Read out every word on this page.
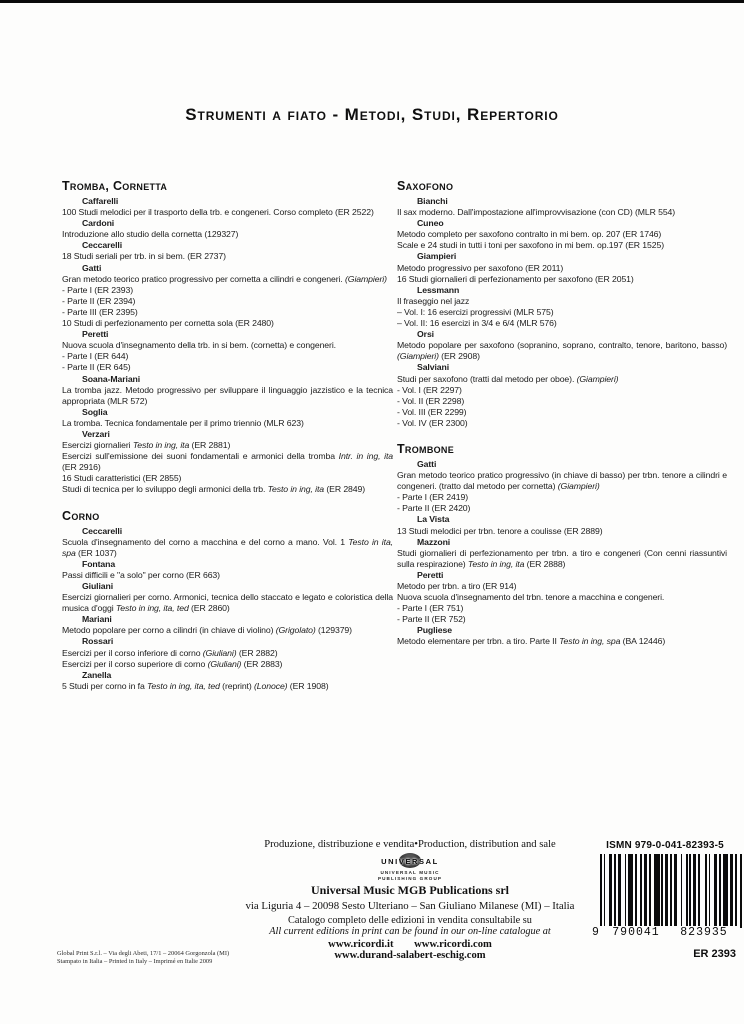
Strumenti a fiato - Metodi, Studi, Repertorio
Tromba, Cornetta

Caffarelli

100 Studi melodici per il trasporto della trb. e congeneri. Corso completo (ER 2522)

Cardoni

Introduzione allo studio della cornetta (129327)

Ceccarelli

18 Studi seriali per trb. in si bem. (ER 2737)

Gatti

Gran metodo teorico pratico progressivo per cornetta a cilindri e congeneri. (Giampieri)

- Parte I (ER 2393)

- Parte II (ER 2394)

- Parte III (ER 2395)

10 Studi di perfezionamento per cornetta sola (ER 2480)

Peretti

Nuova scuola d'insegnamento della trb. in si bem. (cornetta) e congeneri.

- Parte I (ER 644)

- Parte II (ER 645)

Soana-Mariani

La tromba jazz. Metodo progressivo per sviluppare il linguaggio jazzistico e la tecnica appropriata (MLR 572)

Soglia

La tromba. Tecnica fondamentale per il primo triennio (MLR 623)

Verzari

Esercizi giornalieri Testo in ing, ita (ER 2881)

Esercizi sull'emissione dei suoni fondamentali e armonici della tromba Intr. in ing, ita (ER 2916)

16 Studi caratteristici (ER 2855)

Studi di tecnica per lo sviluppo degli armonici della trb. Testo in ing, ita (ER 2849)

Corno

Ceccarelli

Scuola d'insegnamento del corno a macchina e del corno a mano. Vol. 1 Testo in ita, spa (ER 1037)

Fontana

Passi difficili e "a solo" per corno (ER 663)

Giuliani

Esercizi giornalieri per corno. Armonici, tecnica dello staccato e legato e coloristica della musica d'oggi Testo in ing, ita, ted (ER 2860)

Mariani

Metodo popolare per corno a cilindri (in chiave di violino) (Grigolato) (129379)

Rossari

Esercizi per il corso inferiore di corno (Giuliani) (ER 2882)

Esercizi per il corso superiore di corno (Giuliani) (ER 2883)

Zanella

5 Studi per corno in fa Testo in ing, ita, ted (reprint) (Lonoce) (ER 1908)

Saxofono

Bianchi

Il sax moderno. Dall'impostazione all'improvvisazione (con CD) (MLR 554)

Cuneo

Metodo completo per saxofono contralto in mi bem. op. 207 (ER 1746)

Scale e 24 studi in tutti i toni per saxofono in mi bem. op.197 (ER 1525)

Giampieri

Metodo progressivo per saxofono (ER 2011)

16 Studi giornalieri di perfezionamento per saxofono (ER 2051)

Lessmann

Il fraseggio nel jazz

– Vol. I: 16 esercizi progressivi (MLR 575)

– Vol. II: 16 esercizi in 3/4 e 6/4 (MLR 576)

Orsi

Metodo popolare per saxofono (sopranino, soprano, contralto, tenore, baritono, basso) (Giampieri) (ER 2908)

Salviani

Studi per saxofono (tratti dal metodo per oboe). (Giampieri)

- Vol. I (ER 2297)

- Vol. II (ER 2298)

- Vol. III (ER 2299)

- Vol. IV (ER 2300)

Trombone

Gatti

Gran metodo teorico pratico progressivo (in chiave di basso) per trbn. tenore a cilindri e congeneri. (tratto dal metodo per cornetta) (Giampieri)

- Parte I (ER 2419)

- Parte II (ER 2420)

La Vista

13 Studi melodici per trbn. tenore a coulisse (ER 2889)

Mazzoni

Studi giornalieri di perfezionamento per trbn. a tiro e congeneri (Con cenni riassuntivi sulla respirazione) Testo in ing, ita (ER 2888)

Peretti

Metodo per trbn. a tiro (ER 914)

Nuova scuola d'insegnamento del trbn. tenore a macchina e congeneri.

- Parte I (ER 751)

- Parte II (ER 752)

Pugliese

Metodo elementare per trbn. a tiro. Parte II Testo in ing, spa (BA 12446)

Produzione, distribuzione e vendita•Production, distribution and sale
UNIVERSAL
UNIVERSAL MUSIC
PUBLISHING GROUP
Universal Music MGB Publications srl
via Liguria 4 – 20098 Sesto Ulteriano – San Giuliano Milanese (MI) – Italia
Catalogo completo delle edizioni in vendita consultabile su
All current editions in print can be found in our on-line catalogue at
www.ricordi.it www.ricordi.com
www.durand-salabert-eschig.com
Global Print S.r.l. – Via degli Abeti, 17/1 – 20064 Gorgonzola (MI)
Stampato in Italia – Printed in Italy – Imprimé en Italie 2009
ISMN 979-0-041-82393-5
9	790041	823935
ER 2393
